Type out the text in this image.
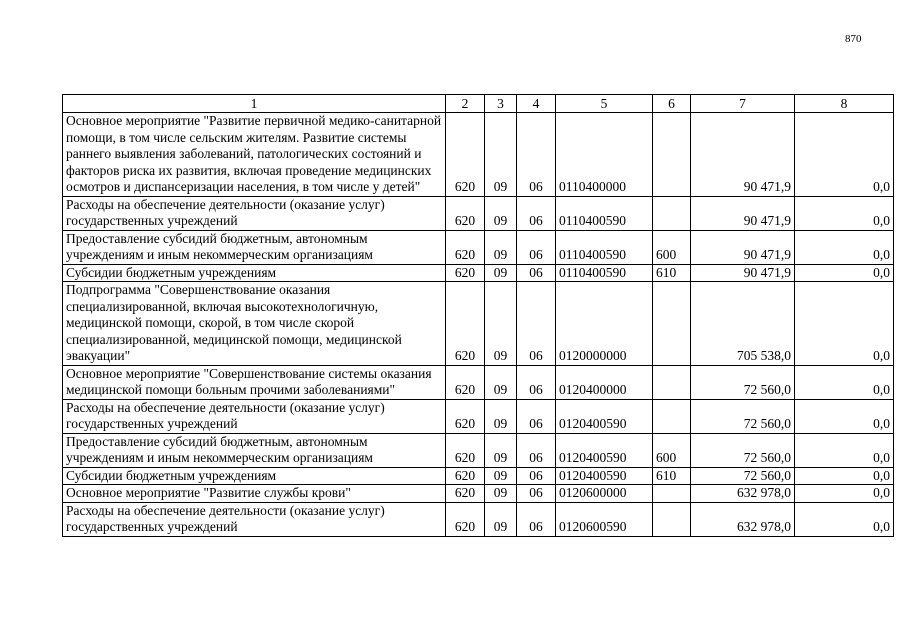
870
1	2	3	4	5	6	7	8
Основное мероприятие "Развитие первичной медико-санитарной помощи, в том числе сельским жителям. Развитие системы раннего выявления заболеваний, патологических состояний и факторов риска их развития, включая проведение медицинских осмотров и диспансеризации населения, в том числе у детей"	620	09	06	0110400000		90 471,9	0,0
Расходы на обеспечение деятельности (оказание услуг) государственных учреждений	620	09	06	0110400590		90 471,9	0,0
Предоставление субсидий бюджетным, автономным учреждениям и иным некоммерческим организациям	620	09	06	0110400590	600	90 471,9	0,0
Субсидии бюджетным учреждениям	620	09	06	0110400590	610	90 471,9	0,0
Подпрограмма "Совершенствование оказания специализированной, включая высокотехнологичную, медицинской помощи, скорой, в том числе скорой специализированной, медицинской помощи, медицинской эвакуации"	620	09	06	0120000000		705 538,0	0,0
Основное мероприятие "Совершенствование системы оказания медицинской помощи больным прочими заболеваниями"	620	09	06	0120400000		72 560,0	0,0
Расходы на обеспечение деятельности (оказание услуг) государственных учреждений	620	09	06	0120400590		72 560,0	0,0
Предоставление субсидий бюджетным, автономным учреждениям и иным некоммерческим организациям	620	09	06	0120400590	600	72 560,0	0,0
Субсидии бюджетным учреждениям	620	09	06	0120400590	610	72 560,0	0,0
Основное мероприятие "Развитие службы крови"	620	09	06	0120600000		632 978,0	0,0
Расходы на обеспечение деятельности (оказание услуг) государственных учреждений	620	09	06	0120600590		632 978,0	0,0
